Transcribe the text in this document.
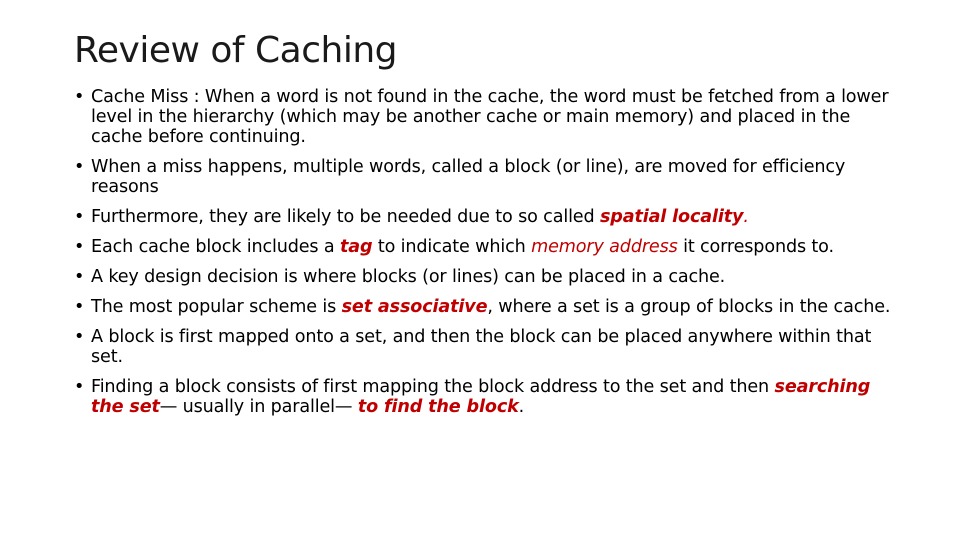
Review of Caching
• Cache Miss : When a word is not found in the cache, the word must be fetched from a lower level in the hierarchy (which may be another cache or main memory) and placed in the cache before continuing.
• When a miss happens, multiple words, called a block (or line), are moved for efficiency reasons
• Furthermore, they are likely to be needed due to so called spatial locality.
• Each cache block includes a tag to indicate which memory address it corresponds to.
• A key design decision is where blocks (or lines) can be placed in a cache.
• The most popular scheme is set associative, where a set is a group of blocks in the cache.
• A block is first mapped onto a set, and then the block can be placed anywhere within that set.
• Finding a block consists of first mapping the block address to the set and then searching the set— usually in parallel— to find the block.
